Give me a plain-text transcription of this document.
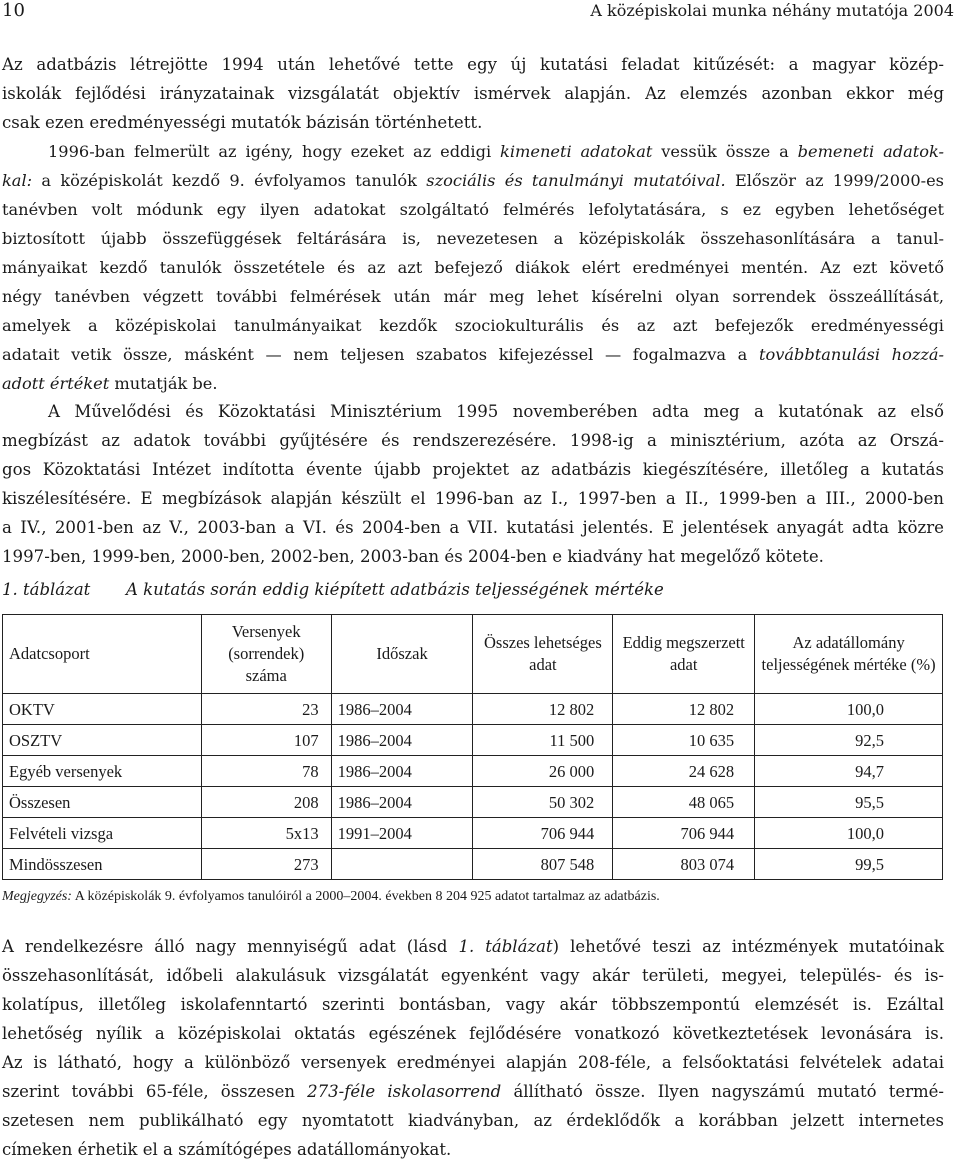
10	A középiskolai munka néhány mutatója 2004

Az adatbázis létrejötte 1994 után lehetővé tette egy új kutatási feladat kitűzését: a magyar közép-

iskolák fejlődési irányzatainak vizsgálatát objektív ismérvek alapján. Az elemzés azonban ekkor még

csak ezen eredményességi mutatók bázisán történhetett.

1996-ban felmerült az igény, hogy ezeket az eddigi kimeneti adatokat vessük össze a bemeneti adatok-

kal: a középiskolát kezdő 9. évfolyamos tanulók szociális és tanulmányi mutatóival. Először az 1999/2000-es

tanévben volt módunk egy ilyen adatokat szolgáltató felmérés lefolytatására, s ez egyben lehetőséget

biztosított újabb összefüggések feltárására is, nevezetesen a középiskolák összehasonlítására a tanul-

mányaikat kezdő tanulók összetétele és az azt befejező diákok elért eredményei mentén. Az ezt követő

négy tanévben végzett további felmérések után már meg lehet kísérelni olyan sorrendek összeállítását,

amelyek a középiskolai tanulmányaikat kezdők szociokulturális és az azt befejezők eredményességi

adatait vetik össze, másként — nem teljesen szabatos kifejezéssel — fogalmazva a továbbtanulási hozzá-

adott értéket mutatják be.

A Művelődési és Közoktatási Minisztérium 1995 novemberében adta meg a kutatónak az első

megbízást az adatok további gyűjtésére és rendszerezésére. 1998-ig a minisztérium, azóta az Orszá-

gos Közoktatási Intézet indította évente újabb projektet az adatbázis kiegészítésére, illetőleg a kutatás

kiszélesítésére. E megbízások alapján készült el 1996-ban az I., 1997-ben a II., 1999-ben a III., 2000-ben

a IV., 2001-ben az V., 2003-ban a VI. és 2004-ben a VII. kutatási jelentés. E jelentések anyagát adta közre

1997-ben, 1999-ben, 2000-ben, 2002-ben, 2003-ban és 2004-ben e kiadvány hat megelőző kötete.

1. táblázat A kutatás során eddig kiépített adatbázis teljességének mértéke
Adatcsoport	Versenyek (sorrendek) száma	Időszak	Összes lehetséges adat	Eddig megszerzett adat	Az adatállomány teljességének mértéke (%)
OKTV	23	1986–2004	12 802	12 802	100,0
OSZTV	107	1986–2004	11 500	10 635	92,5
Egyéb versenyek	78	1986–2004	26 000	24 628	94,7
Összesen	208	1986–2004	50 302	48 065	95,5
Felvételi vizsga	5x13	1991–2004	706 944	706 944	100,0
Mindösszesen	273		807 548	803 074	99,5
Megjegyzés: A középiskolák 9. évfolyamos tanulóiról a 2000–2004. években 8 204 925 adatot tartalmaz az adatbázis.

A rendelkezésre álló nagy mennyiségű adat (lásd 1. táblázat) lehetővé teszi az intézmények mutatóinak

összehasonlítását, időbeli alakulásuk vizsgálatát egyenként vagy akár területi, megyei, település- és is-

kolatípus, illetőleg iskolafenntartó szerinti bontásban, vagy akár többszempontú elemzését is. Ezáltal

lehetőség nyílik a középiskolai oktatás egészének fejlődésére vonatkozó következtetések levonására is.

Az is látható, hogy a különböző versenyek eredményei alapján 208-féle, a felsőoktatási felvételek adatai

szerint további 65-féle, összesen 273-féle iskolasorrend állítható össze. Ilyen nagyszámú mutató termé-

szetesen nem publikálható egy nyomtatott kiadványban, az érdeklődők a korábban jelzett internetes

címeken érhetik el a számítógépes adatállományokat.
